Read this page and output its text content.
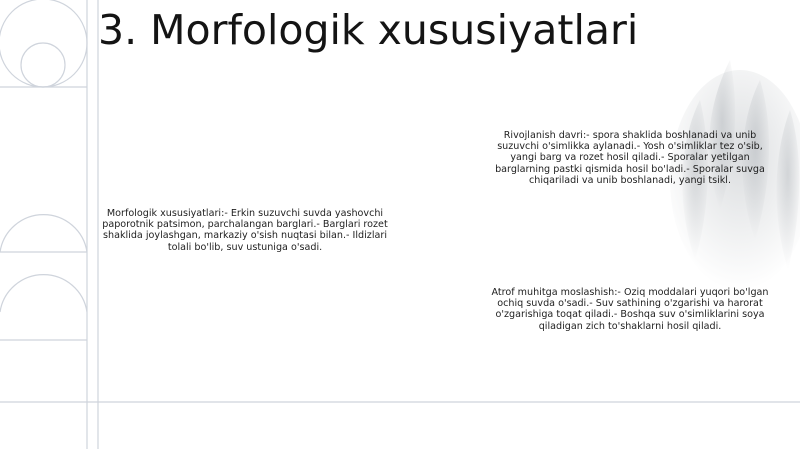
3. Morfologik xususiyatlari

Morfologik xususiyatlari:- Erkin suzuvchi suvda yashovchi paporotnik patsimon, parchalangan barglari.- Barglari rozet shaklida joylashgan, markaziy o'sish nuqtasi bilan.- Ildizlari tolali bo'lib, suv ustuniga o'sadi.

Rivojlanish davri:- spora shaklida boshlanadi va unib suzuvchi o'simlikka aylanadi.- Yosh o'simliklar tez o'sib, yangi barg va rozet hosil qiladi.- Sporalar yetilgan barglarning pastki qismida hosil bo'ladi.- Sporalar suvga chiqariladi va unib boshlanadi, yangi tsikl.

Atrof muhitga moslashish:- Oziq moddalari yuqori bo'lgan ochiq suvda o'sadi.- Suv sathining o'zgarishi va harorat o'zgarishiga toqat qiladi.- Boshqa suv o'simliklarini soya qiladigan zich to'shaklarni hosil qiladi.
